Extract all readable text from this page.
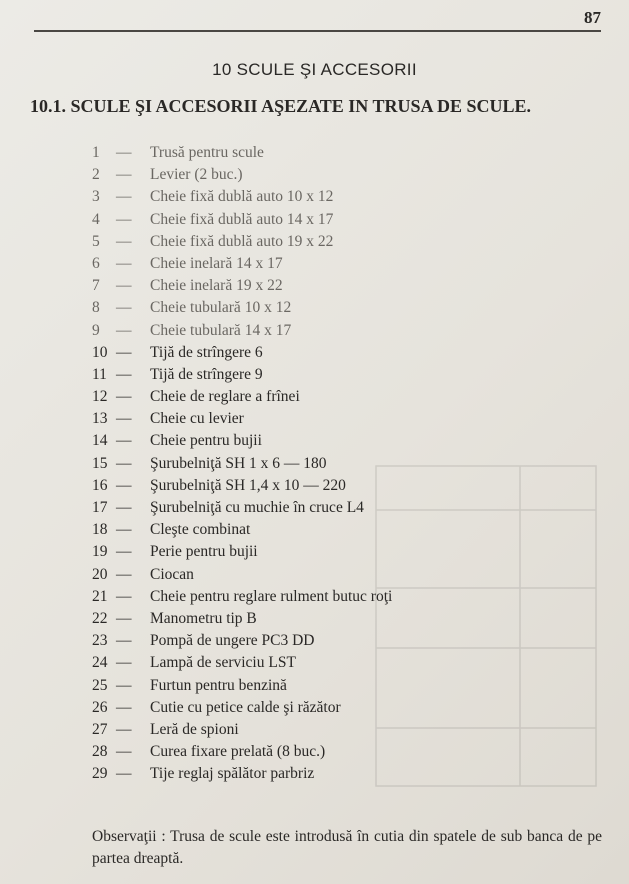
87
10 SCULE ŞI ACCESORII
10.1. SCULE ŞI ACCESORII AŞEZATE IN TRUSA DE SCULE.
1 — Trusă pentru scule
2 — Levier (2 buc.)
3 — Cheie fixă dublă auto 10 x 12
4 — Cheie fixă dublă auto 14 x 17
5 — Cheie fixă dublă auto 19 x 22
6 — Cheie inelară 14 x 17
7 — Cheie inelară 19 x 22
8 — Cheie tubulară 10 x 12
9 — Cheie tubulară 14 x 17
10 — Tijă de strîngere 6
11 — Tijă de strîngere 9
12 — Cheie de reglare a frînei
13 — Cheie cu levier
14 — Cheie pentru bujii
15 — Şurubelniţă SH 1 x 6 — 180
16 — Şurubelniţă SH 1,4 x 10 — 220
17 — Şurubelniţă cu muchie în cruce L4
18 — Cleşte combinat
19 — Perie pentru bujii
20 — Ciocan
21 — Cheie pentru reglare rulment butuc roţi
22 — Manometru tip B
23 — Pompă de ungere PC3 DD
24 — Lampă de serviciu LST
25 — Furtun pentru benzină
26 — Cutie cu petice calde şi răzător
27 — Leră de spioni
28 — Curea fixare prelată (8 buc.)
29 — Tije reglaj spălător parbriz
Observaţii : Trusa de scule este introdusă în cutia din spatele de sub banca de pe partea dreaptă.
